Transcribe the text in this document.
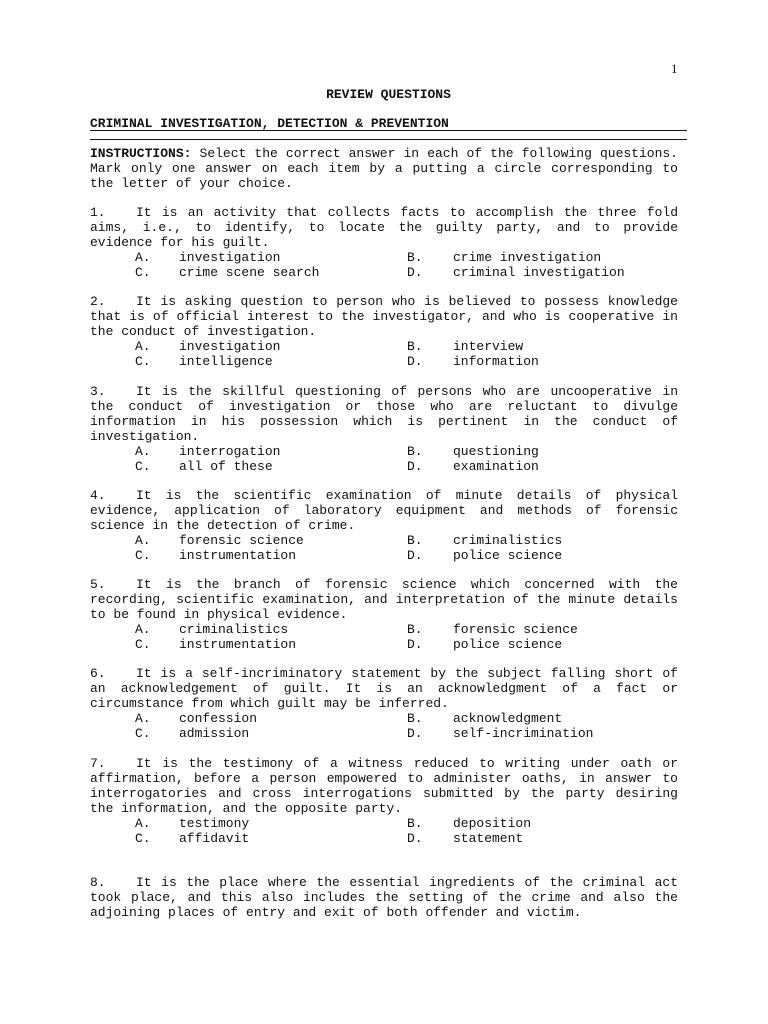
1
REVIEW QUESTIONS
CRIMINAL INVESTIGATION, DETECTION & PREVENTION
INSTRUCTIONS: Select the correct answer in each of the following questions. Mark only one answer on each item by a putting a circle corresponding to the letter of your choice.
1. It is an activity that collects facts to accomplish the three fold aims, i.e., to identify, to locate the guilty party, and to provide evidence for his guilt.
A.	investigation	B.	crime investigation
C.	crime scene search	D.	criminal investigation
2. It is asking question to person who is believed to possess knowledge that is of official interest to the investigator, and who is cooperative in the conduct of investigation.
A.	investigation	B.	interview
C.	intelligence	D.	information
3. It is the skillful questioning of persons who are uncooperative in the conduct of investigation or those who are reluctant to divulge information in his possession which is pertinent in the conduct of investigation.
A.	interrogation	B.	questioning
C.	all of these	D.	examination
4. It is the scientific examination of minute details of physical evidence, application of laboratory equipment and methods of forensic science in the detection of crime.
A.	forensic science	B.	criminalistics
C.	instrumentation	D.	police science
5. It is the branch of forensic science which concerned with the recording, scientific examination, and interpretation of the minute details to be found in physical evidence.
A.	criminalistics	B.	forensic science
C.	instrumentation	D.	police science
6. It is a self-incriminatory statement by the subject falling short of an acknowledgement of guilt. It is an acknowledgment of a fact or circumstance from which guilt may be inferred.
A.	confession	B.	acknowledgment
C.	admission	D.	self-incrimination
7. It is the testimony of a witness reduced to writing under oath or affirmation, before a person empowered to administer oaths, in answer to interrogatories and cross interrogations submitted by the party desiring the information, and the opposite party.
A.	testimony	B.	deposition
C.	affidavit	D.	statement
8. It is the place where the essential ingredients of the criminal act took place, and this also includes the setting of the crime and also the adjoining places of entry and exit of both offender and victim.
